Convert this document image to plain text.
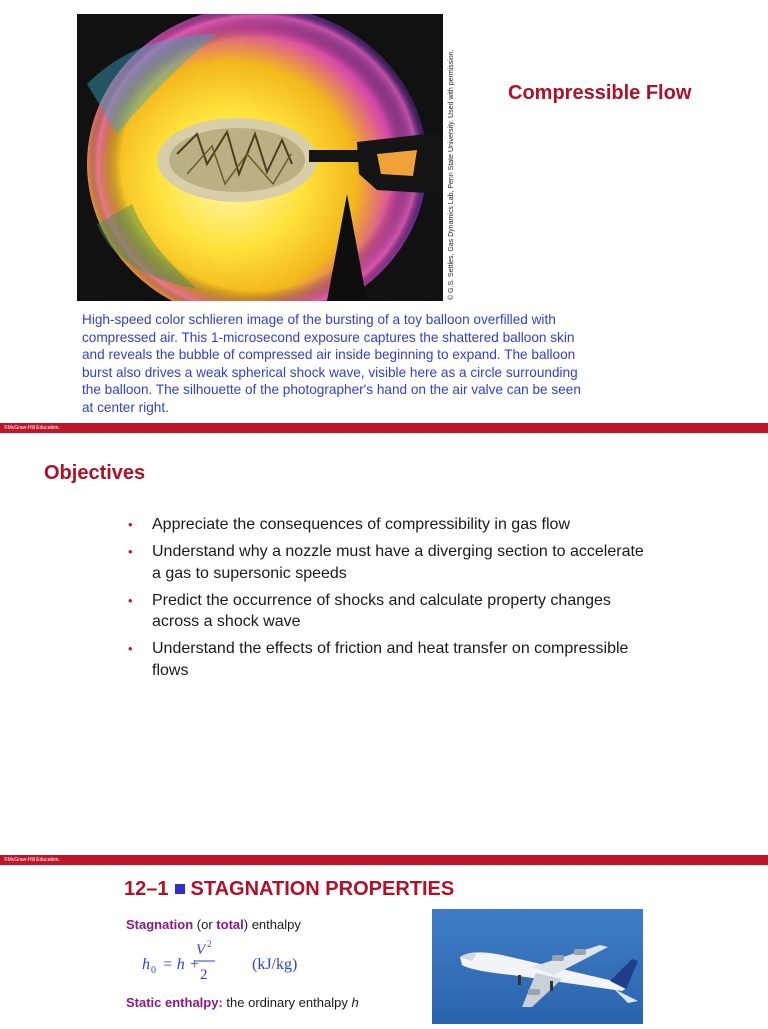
© G.S. Settles, Gas Dynamics Lab, Penn State University. Used with permission.	Compressible Flow

High-speed color schlieren image of the bursting of a toy balloon overfilled with compressed air. This 1-microsecond exposure captures the shattered balloon skin and reveals the bubble of compressed air inside beginning to expand. The balloon burst also drives a weak spherical shock wave, visible here as a circle surrounding the balloon. The silhouette of the photographer's hand on the air valve can be seen at center right.

©McGraw-Hill Education.
Objectives
• Appreciate the consequences of compressibility in gas flow
• Understand why a nozzle must have a diverging section to accelerate a gas to supersonic speeds
• Predict the occurrence of shocks and calculate property changes across a shock wave
• Understand the effects of friction and heat transfer on compressible flows
©McGraw-Hill Education.
12–1 STAGNATION PROPERTIES
Stagnation (or total) enthalpy
h 0 = h +
V 2
2
(kJ/kg)
Static enthalpy: the ordinary enthalpy h
